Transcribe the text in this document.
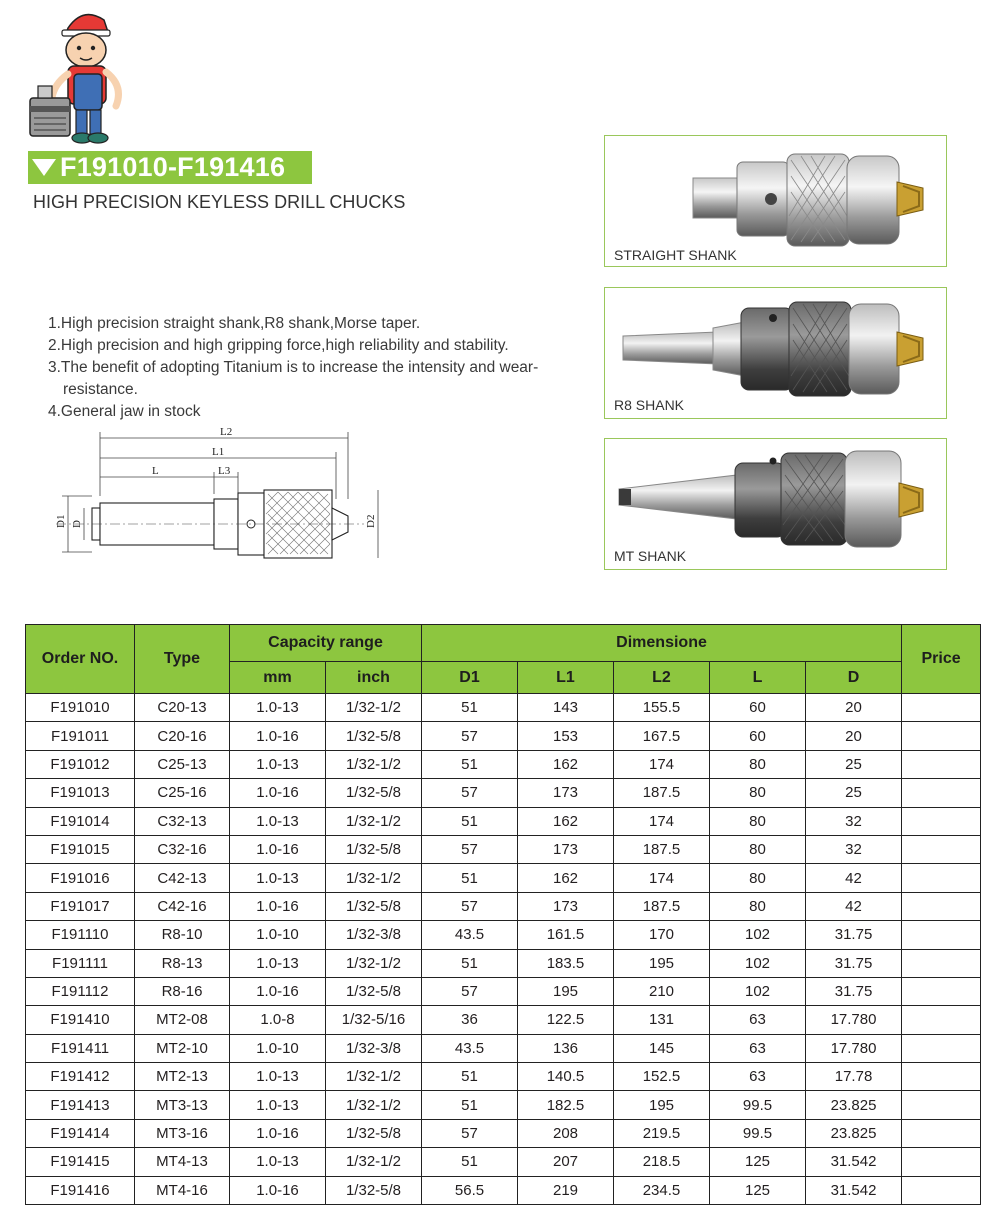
F191010-F191416
HIGH PRECISION KEYLESS DRILL CHUCKS
1.High precision straight shank,R8 shank,Morse taper.
2.High precision and high gripping force,high reliability and stability.
3.The benefit of adopting Titanium is to increase the intensity and wear-resistance.
4.General jaw in stock
L2
L1
L	L3
D1 D	D2
STRAIGHT SHANK
R8 SHANK
MT SHANK
Order NO.	Type	Capacity range		Dimensione					Price
		mm	inch	D1	L1	L2	L	D	
F191010	C20-13	1.0-13	1/32-1/2	51	143	155.5	60	20	
F191011	C20-16	1.0-16	1/32-5/8	57	153	167.5	60	20	
F191012	C25-13	1.0-13	1/32-1/2	51	162	174	80	25	
F191013	C25-16	1.0-16	1/32-5/8	57	173	187.5	80	25	
F191014	C32-13	1.0-13	1/32-1/2	51	162	174	80	32	
F191015	C32-16	1.0-16	1/32-5/8	57	173	187.5	80	32	
F191016	C42-13	1.0-13	1/32-1/2	51	162	174	80	42	
F191017	C42-16	1.0-16	1/32-5/8	57	173	187.5	80	42	
F191110	R8-10	1.0-10	1/32-3/8	43.5	161.5	170	102	31.75	
F191111	R8-13	1.0-13	1/32-1/2	51	183.5	195	102	31.75	
F191112	R8-16	1.0-16	1/32-5/8	57	195	210	102	31.75	
F191410	MT2-08	1.0-8	1/32-5/16	36	122.5	131	63	17.780	
F191411	MT2-10	1.0-10	1/32-3/8	43.5	136	145	63	17.780	
F191412	MT2-13	1.0-13	1/32-1/2	51	140.5	152.5	63	17.78	
F191413	MT3-13	1.0-13	1/32-1/2	51	182.5	195	99.5	23.825	
F191414	MT3-16	1.0-16	1/32-5/8	57	208	219.5	99.5	23.825	
F191415	MT4-13	1.0-13	1/32-1/2	51	207	218.5	125	31.542	
F191416	MT4-16	1.0-16	1/32-5/8	56.5	219	234.5	125	31.542	
